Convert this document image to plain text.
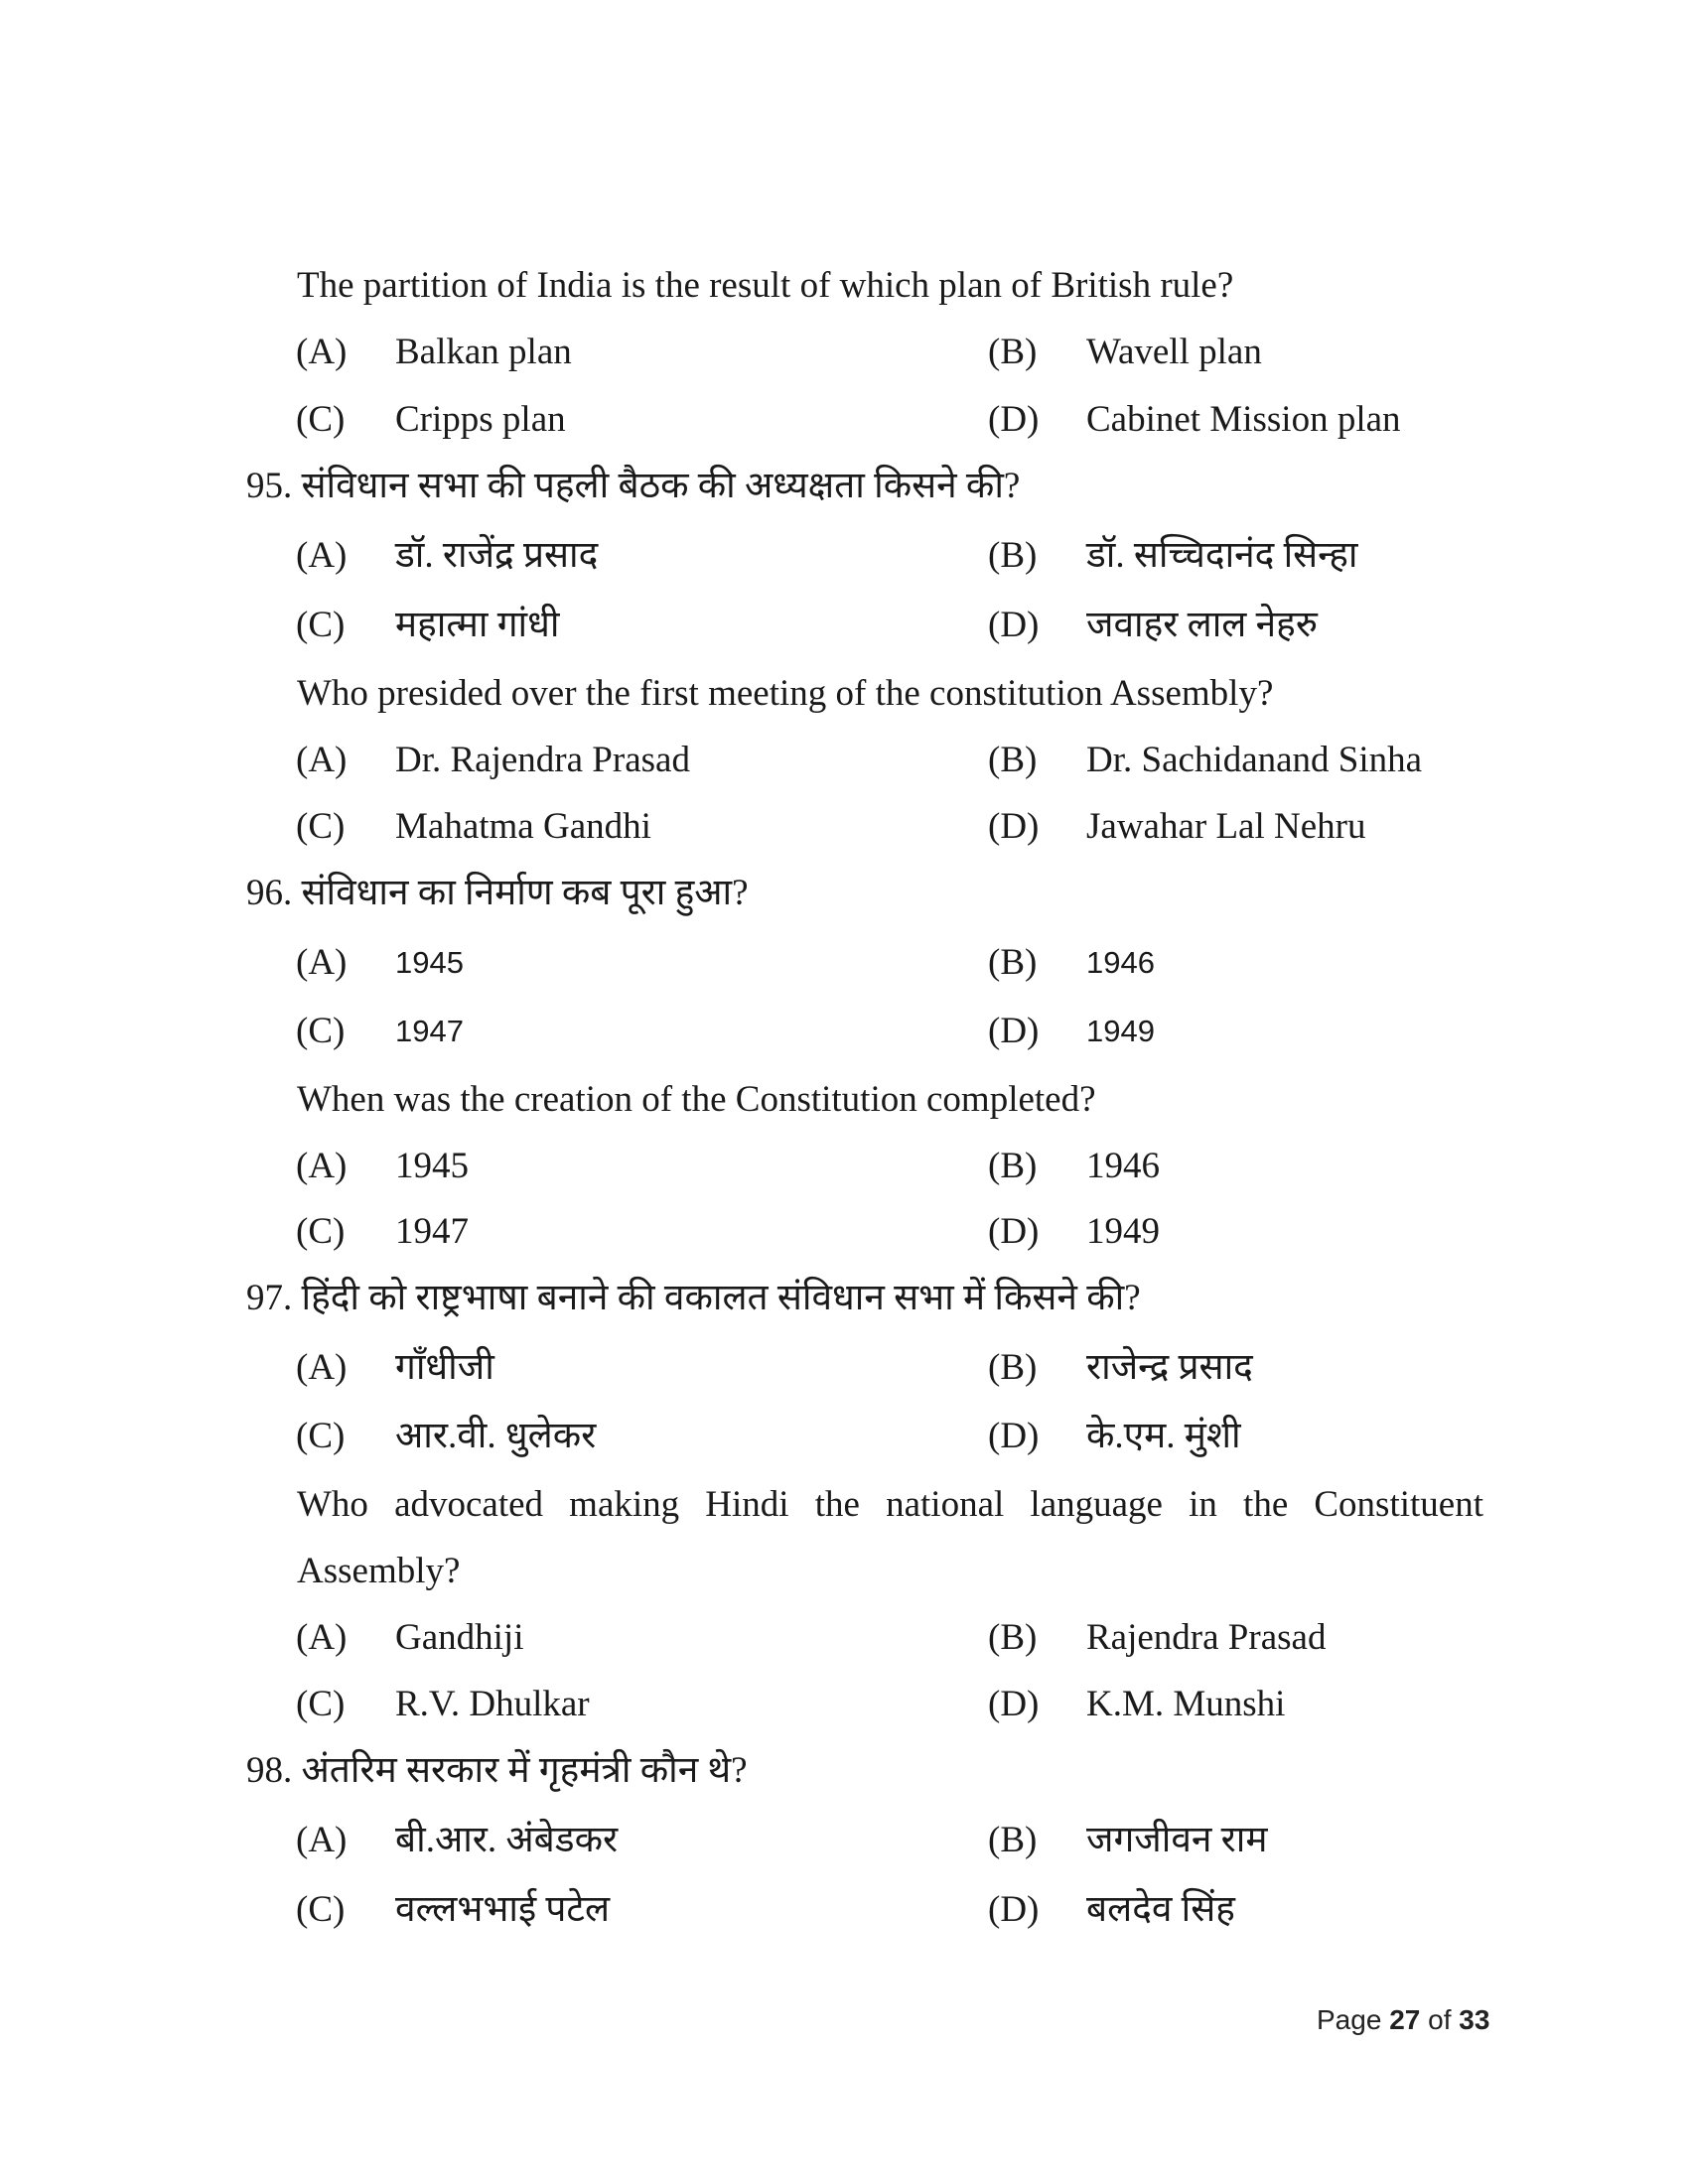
The partition of India is the result of which plan of British rule?
(A) Balkan plan	(B) Wavell plan
(C) Cripps plan	(D) Cabinet Mission plan
95. संविधान सभा की पहली बैठक की अध्यक्षता किसने की?
(A) डॉ. राजेंद्र प्रसाद	(B) डॉ. सच्चिदानंद सिन्हा
(C) महात्मा गांधी	(D) जवाहर लाल नेहरु
Who presided over the first meeting of the constitution Assembly?
(A) Dr. Rajendra Prasad	(B) Dr. Sachidanand Sinha
(C) Mahatma Gandhi	(D) Jawahar Lal Nehru
96. संविधान का निर्माण कब पूरा हुआ?
(A) 1945	(B) 1946
(C) 1947	(D) 1949
When was the creation of the Constitution completed?
(A) 1945	(B) 1946
(C) 1947	(D) 1949
97. हिंदी को राष्ट्रभाषा बनाने की वकालत संविधान सभा में किसने की?
(A) गाँधीजी	(B) राजेन्द्र प्रसाद
(C) आर.वी. धुलेकर	(D) के.एम. मुंशी
Who advocated making Hindi the national language in the Constituent
Assembly?
(A) Gandhiji	(B) Rajendra Prasad
(C) R.V. Dhulkar	(D) K.M. Munshi
98. अंतरिम सरकार में गृहमंत्री कौन थे?
(A) बी.आर. अंबेडकर	(B) जगजीवन राम
(C) वल्लभभाई पटेल	(D) बलदेव सिंह
Page 27 of 33
